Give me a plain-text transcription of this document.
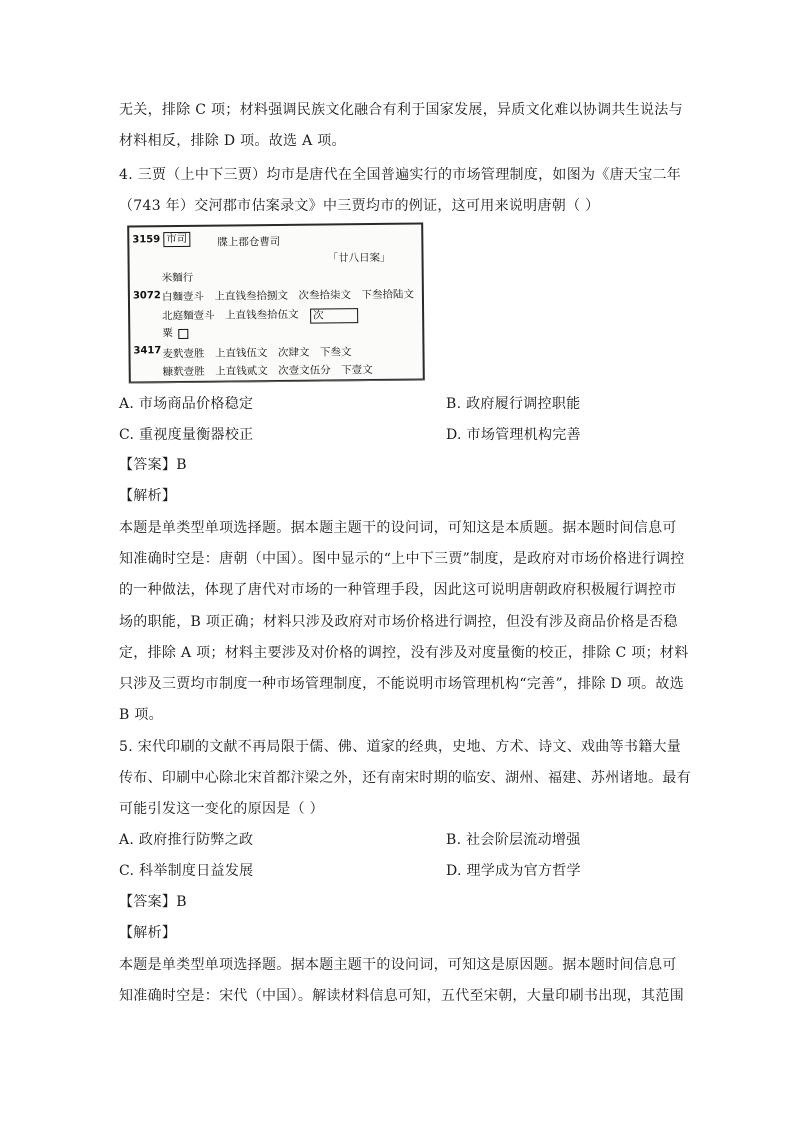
无关，排除 C 项；材料强调民族文化融合有利于国家发展，异质文化难以协调共生说法与
材料相反，排除 D 项。故选 A 项。
4. 三贾（上中下三贾）均市是唐代在全国普遍实行的市场管理制度，如图为《唐天宝二年
（743 年）交河郡市估案录文》中三贾均市的例证，这可用来说明唐朝（ ）
3159 市司	牒上郡仓曹司
「廿八日案」
米麵行
3072 白麵壹斗　上直钱叁拾捌文　次叁拾柒文　下叁拾陆文
北庭麵壹斗　上直钱叁拾伍文 次
粟
3417 麦䴬壹胜　上直钱伍文　次肆文　下叁文
糠䴬壹胜　上直钱贰文　次壹文伍分　下壹文
A. 市场商品价格稳定	B. 政府履行调控职能
C. 重视度量衡器校正	D. 市场管理机构完善
【答案】B
【解析】
本题是单类型单项选择题。据本题主题干的设问词，可知这是本质题。据本题时间信息可
知准确时空是：唐朝（中国）。图中显示的“上中下三贾”制度，是政府对市场价格进行调控
的一种做法，体现了唐代对市场的一种管理手段，因此这可说明唐朝政府积极履行调控市
场的职能，B 项正确；材料只涉及政府对市场价格进行调控，但没有涉及商品价格是否稳
定，排除 A 项；材料主要涉及对价格的调控，没有涉及对度量衡的校正，排除 C 项；材料
只涉及三贾均市制度一种市场管理制度，不能说明市场管理机构“完善”，排除 D 项。故选
B 项。
5. 宋代印刷的文献不再局限于儒、佛、道家的经典，史地、方术、诗文、戏曲等书籍大量
传布、印刷中心除北宋首都汴梁之外，还有南宋时期的临安、湖州、福建、苏州诸地。最有
可能引发这一变化的原因是（ ）
A. 政府推行防弊之政	B. 社会阶层流动增强
C. 科举制度日益发展	D. 理学成为官方哲学
【答案】B
【解析】
本题是单类型单项选择题。据本题主题干的设问词，可知这是原因题。据本题时间信息可
知准确时空是：宋代（中国）。解读材料信息可知，五代至宋朝，大量印刷书出现，其范围
